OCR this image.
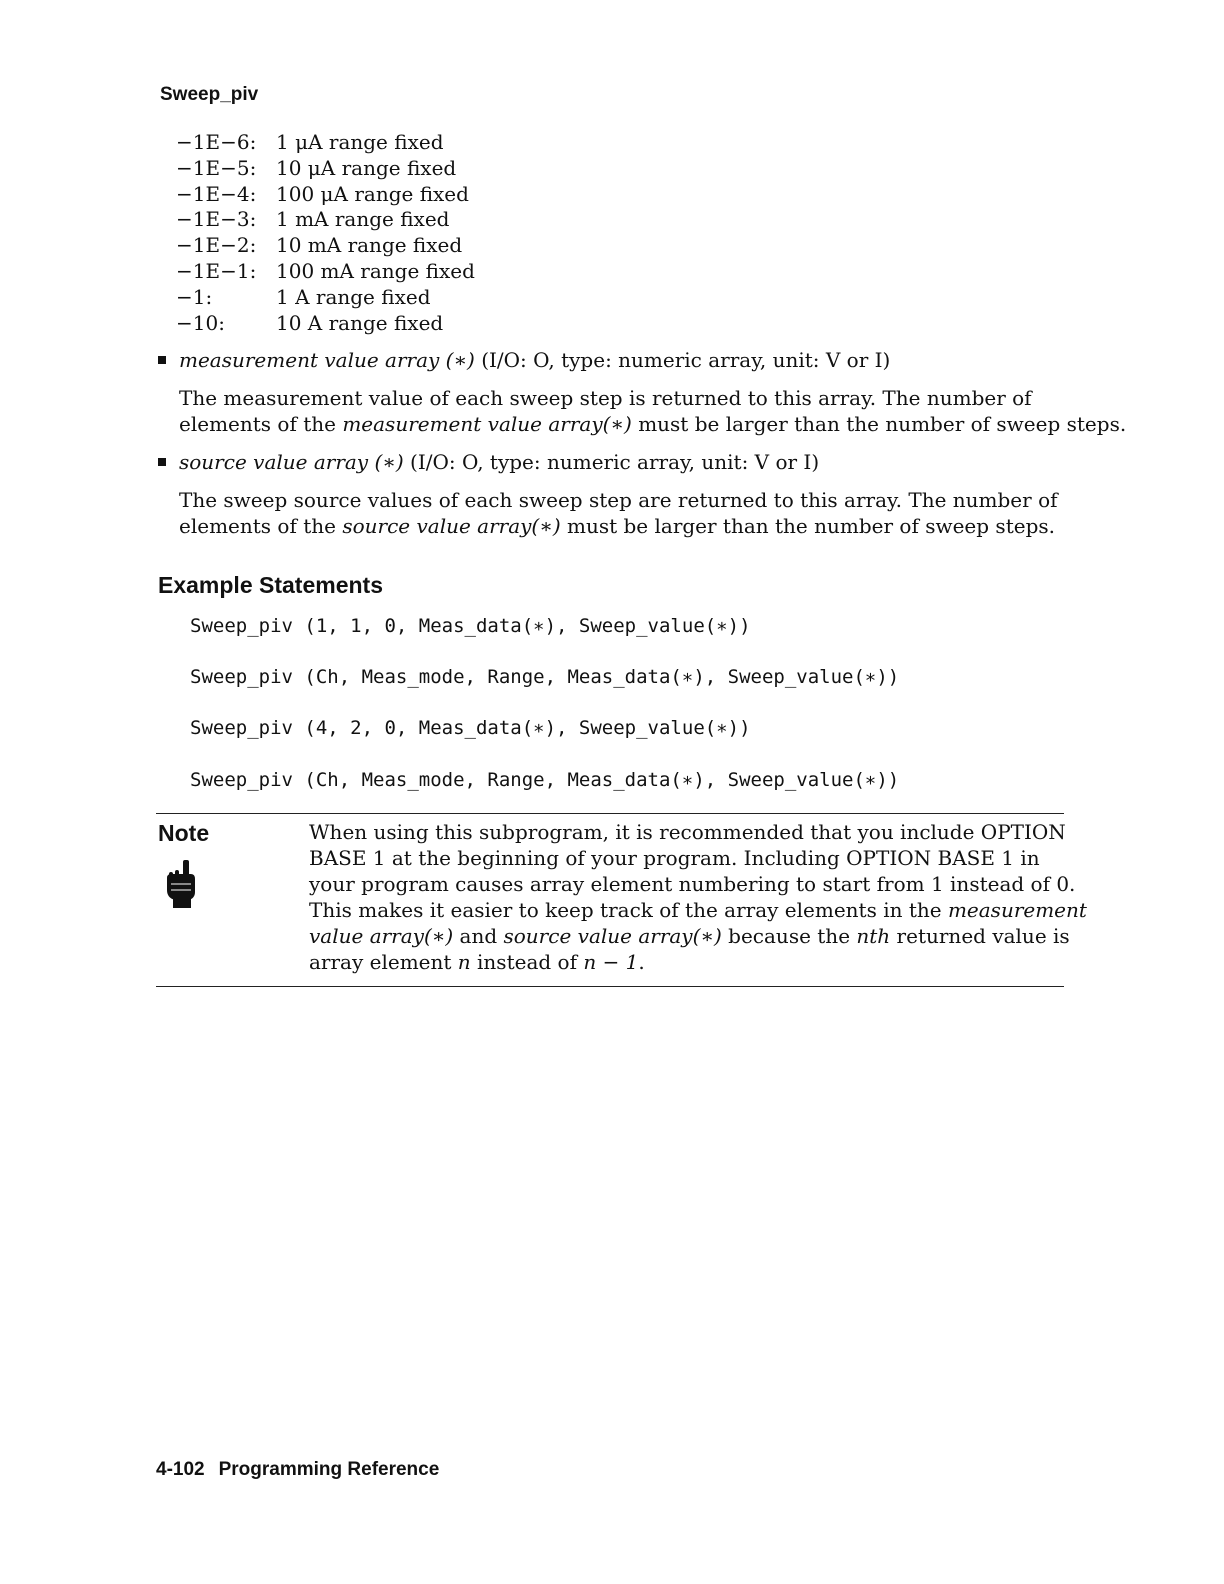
Sweep_piv
−1E−6: 1 μA range fixed
−1E−5: 10 μA range fixed
−1E−4: 100 μA range fixed
−1E−3: 1 mA range fixed
−1E−2: 10 mA range fixed
−1E−1: 100 mA range fixed
−1:	1 A range fixed
−10:	10 A range fixed
measurement value array (∗) (I/O: O, type: numeric array, unit: V or I)
The measurement value of each sweep step is returned to this array. The number of
elements of the measurement value array(∗) must be larger than the number of sweep steps.
source value array (∗) (I/O: O, type: numeric array, unit: V or I)
The sweep source values of each sweep step are returned to this array. The number of
elements of the source value array(∗) must be larger than the number of sweep steps.
Example Statements
Sweep_piv (1, 1, 0, Meas_data(∗), Sweep_value(∗))
Sweep_piv (Ch, Meas_mode, Range, Meas_data(∗), Sweep_value(∗))
Sweep_piv (4, 2, 0, Meas_data(∗), Sweep_value(∗))
Sweep_piv (Ch, Meas_mode, Range, Meas_data(∗), Sweep_value(∗))
Note	When using this subprogram, it is recommended that you include OPTION
BASE 1 at the beginning of your program. Including OPTION BASE 1 in
your program causes array element numbering to start from 1 instead of 0.
This makes it easier to keep track of the array elements in the measurement
value array(∗) and source value array(∗) because the nth returned value is
array element n instead of n − 1.
4-102 Programming Reference
